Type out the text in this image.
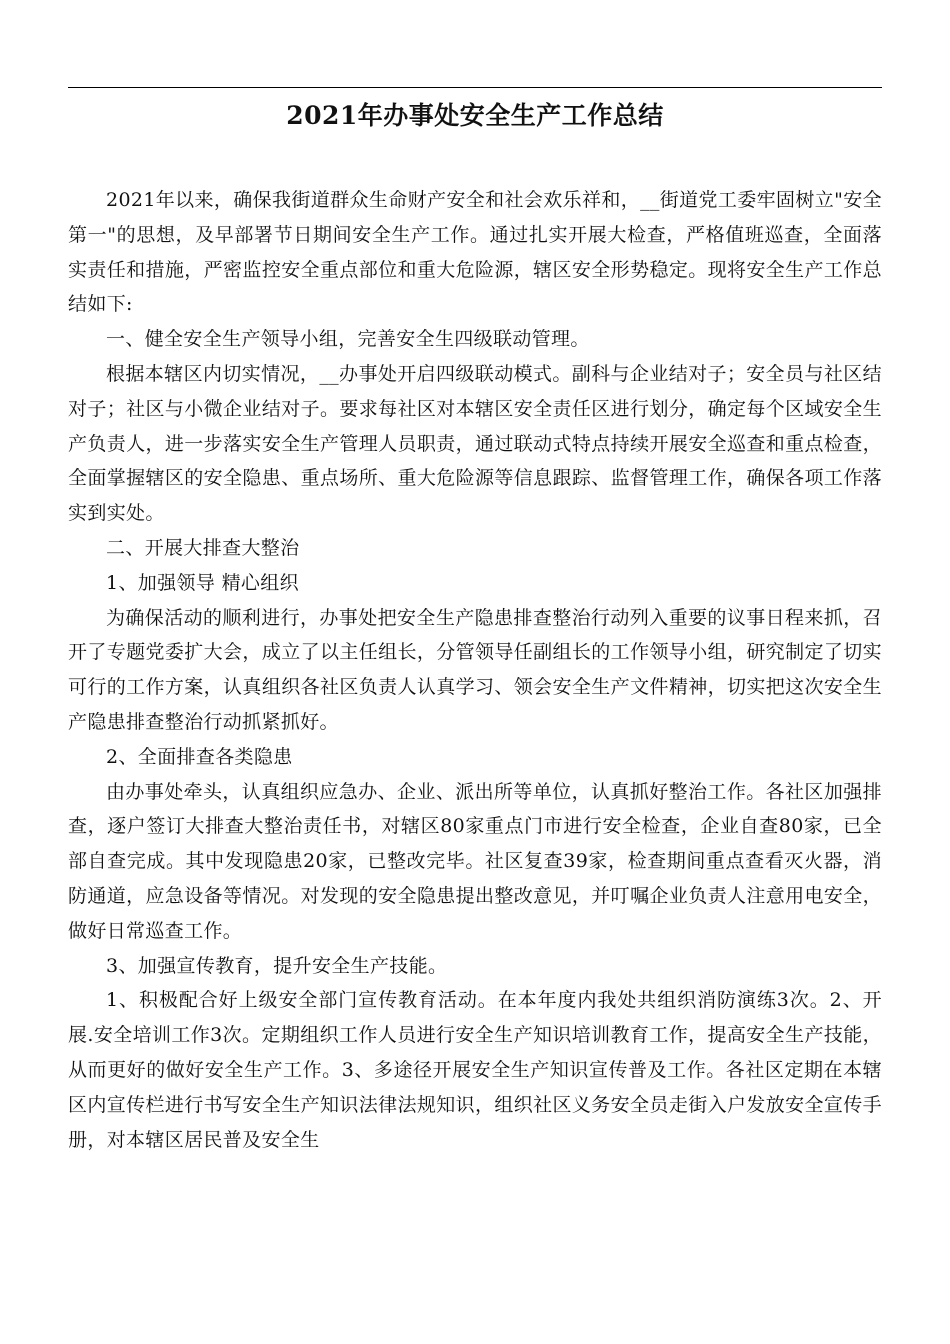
2021年办事处安全生产工作总结

2021年以来，确保我街道群众生命财产安全和社会欢乐祥和，__街道党工委牢固树立"安全第一"的思想，及早部署节日期间安全生产工作。通过扎实开展大检查，严格值班巡查，全面落实责任和措施，严密监控安全重点部位和重大危险源，辖区安全形势稳定。现将安全生产工作总结如下:

一、健全安全生产领导小组，完善安全生四级联动管理。

根据本辖区内切实情况，__办事处开启四级联动模式。副科与企业结对子；安全员与社区结对子；社区与小微企业结对子。要求每社区对本辖区安全责任区进行划分，确定每个区域安全生产负责人，进一步落实安全生产管理人员职责，通过联动式特点持续开展安全巡查和重点检查，全面掌握辖区的安全隐患、重点场所、重大危险源等信息跟踪、监督管理工作，确保各项工作落实到实处。

二、开展大排查大整治

1、加强领导 精心组织

为确保活动的顺利进行，办事处把安全生产隐患排查整治行动列入重要的议事日程来抓，召开了专题党委扩大会，成立了以主任组长，分管领导任副组长的工作领导小组，研究制定了切实可行的工作方案，认真组织各社区负责人认真学习、领会安全生产文件精神，切实把这次安全生产隐患排查整治行动抓紧抓好。

2、全面排查各类隐患

由办事处牵头，认真组织应急办、企业、派出所等单位，认真抓好整治工作。各社区加强排查，逐户签订大排查大整治责任书，对辖区80家重点门市进行安全检查，企业自查80家，已全部自查完成。其中发现隐患20家，已整改完毕。社区复查39家，检查期间重点查看灭火器，消防通道，应急设备等情况。对发现的安全隐患提出整改意见，并叮嘱企业负责人注意用电安全，做好日常巡查工作。

3、加强宣传教育，提升安全生产技能。

1、积极配合好上级安全部门宣传教育活动。在本年度内我处共组织消防演练3次。2、开展.安全培训工作3次。定期组织工作人员进行安全生产知识培训教育工作，提高安全生产技能，从而更好的做好安全生产工作。3、多途径开展安全生产知识宣传普及工作。各社区定期在本辖区内宣传栏进行书写安全生产知识法律法规知识，组织社区义务安全员走街入户发放安全宣传手册，对本辖区居民普及安全生
